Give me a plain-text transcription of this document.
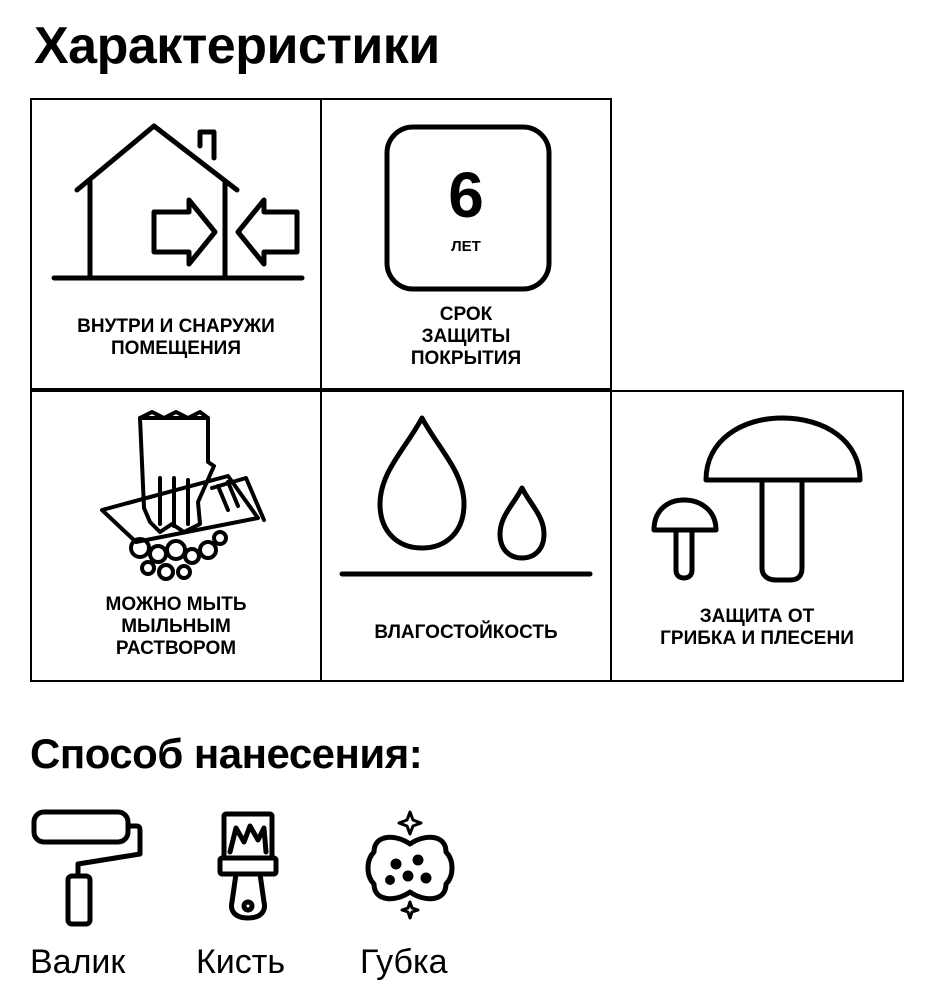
Характеристики
ВНУТРИ И СНАРУЖИ
ПОМЕЩЕНИЯ
6
ЛЕТ
СРОК
ЗАЩИТЫ
ПОКРЫТИЯ
МОЖНО МЫТЬ
МЫЛЬНЫМ
РАСТВОРОМ
ВЛАГОСТОЙКОСТЬ
ЗАЩИТА ОТ
ГРИБКА И ПЛЕСЕНИ
Способ нанесения:
Валик Кисть Губка
